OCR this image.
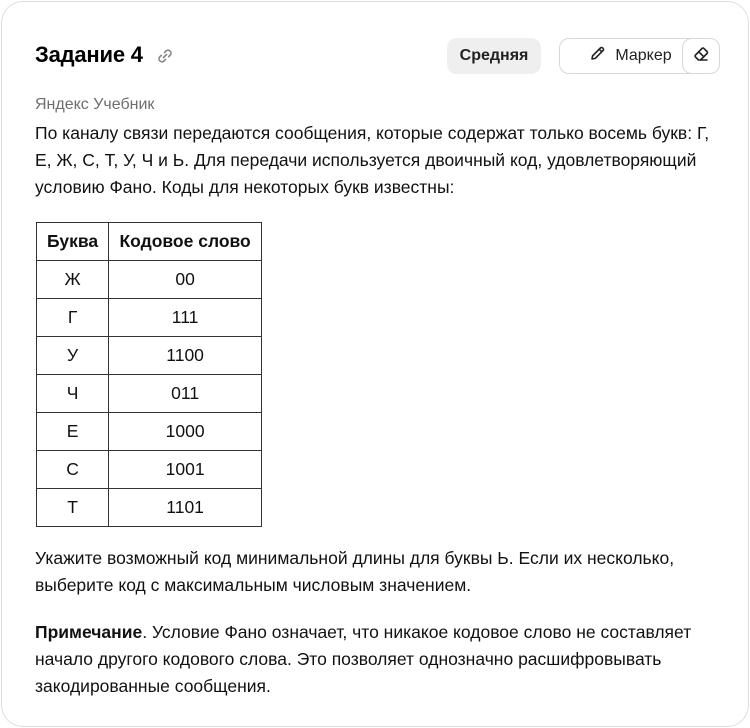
Задание 4	Средняя	Маркер
Яндекс Учебник

По каналу связи передаются сообщения, которые содержат только восемь букв: Г, Е, Ж, С, Т, У, Ч и Ь. Для передачи используется двоичный код, удовлетворяющий условию Фано. Коды для некоторых букв известны:

Буква	Кодовое слово
Ж	00
Г	111
У	1100
Ч	011
Е	1000
С	1001
Т	1101

Укажите возможный код минимальной длины для буквы Ь. Если их несколько, выберите код с максимальным числовым значением.

Примечание. Условие Фано означает, что никакое кодовое слово не составляет начало другого кодового слова. Это позволяет однозначно расшифровывать закодированные сообщения.
